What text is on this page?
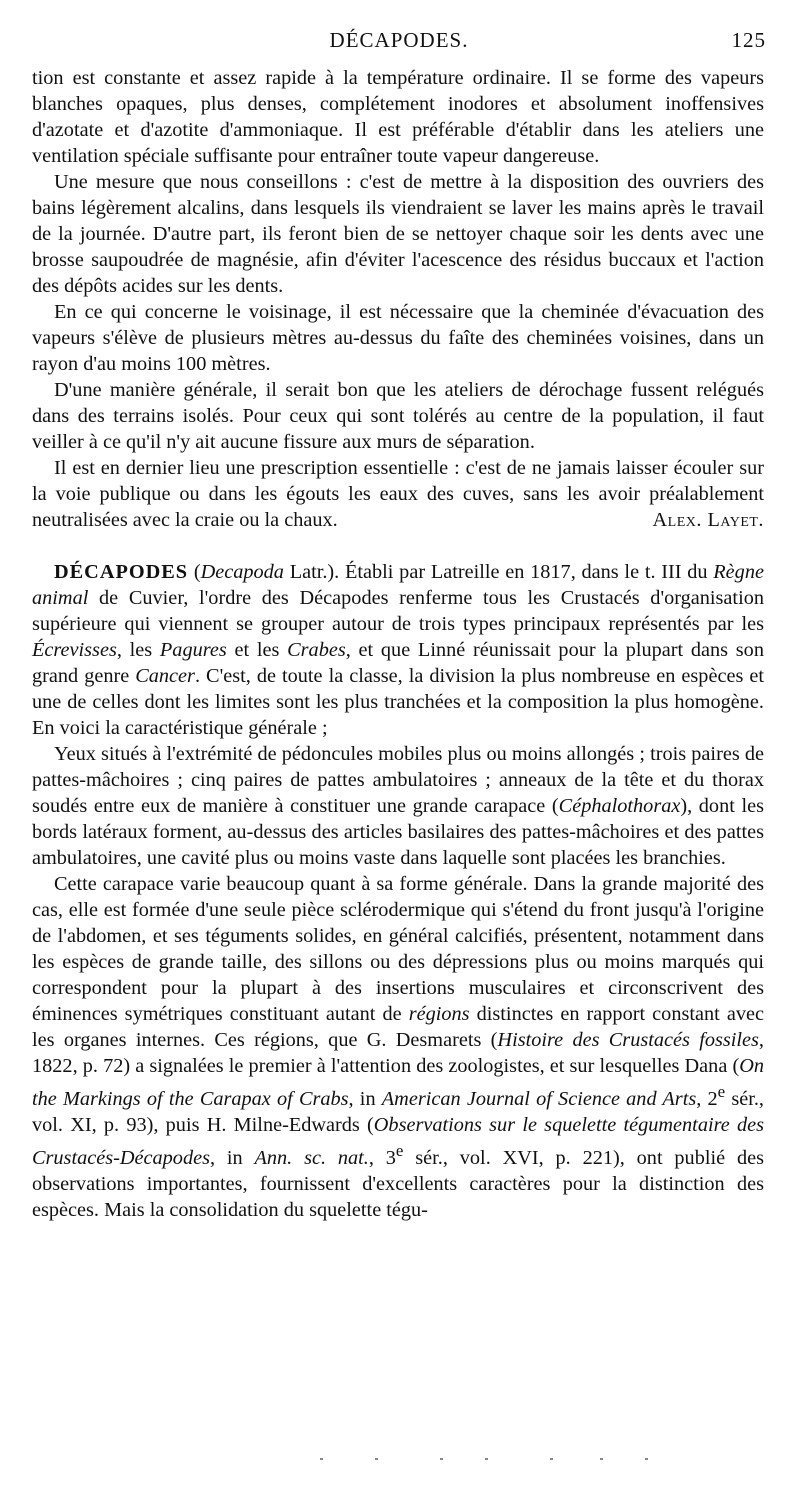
DÉCAPODES.	125

tion est constante et assez rapide à la température ordinaire. Il se forme des vapeurs blanches opaques, plus denses, complétement inodores et absolument inoffensives d'azotate et d'azotite d'ammoniaque. Il est préférable d'établir dans les ateliers une ventilation spéciale suffisante pour entraîner toute vapeur dangereuse.

Une mesure que nous conseillons : c'est de mettre à la disposition des ouvriers des bains légèrement alcalins, dans lesquels ils viendraient se laver les mains après le travail de la journée. D'autre part, ils feront bien de se nettoyer chaque soir les dents avec une brosse saupoudrée de magnésie, afin d'éviter l'acescence des résidus buccaux et l'action des dépôts acides sur les dents.

En ce qui concerne le voisinage, il est nécessaire que la cheminée d'évacuation des vapeurs s'élève de plusieurs mètres au-dessus du faîte des cheminées voisines, dans un rayon d'au moins 100 mètres.

D'une manière générale, il serait bon que les ateliers de dérochage fussent relégués dans des terrains isolés. Pour ceux qui sont tolérés au centre de la population, il faut veiller à ce qu'il n'y ait aucune fissure aux murs de séparation.

Il est en dernier lieu une prescription essentielle : c'est de ne jamais laisser écouler sur la voie publique ou dans les égouts les eaux des cuves, sans les avoir préalablement neutralisées avec la craie ou la chaux.	Alex. Layet.

DÉCAPODES (Decapoda Latr.). Établi par Latreille en 1817, dans le t. III du Règne animal de Cuvier, l'ordre des Décapodes renferme tous les Crustacés d'organisation supérieure qui viennent se grouper autour de trois types principaux représentés par les Écrevisses, les Pagures et les Crabes, et que Linné réunissait pour la plupart dans son grand genre Cancer. C'est, de toute la classe, la division la plus nombreuse en espèces et une de celles dont les limites sont les plus tranchées et la composition la plus homogène. En voici la caractéristique générale ;

Yeux situés à l'extrémité de pédoncules mobiles plus ou moins allongés ; trois paires de pattes-mâchoires ; cinq paires de pattes ambulatoires ; anneaux de la tête et du thorax soudés entre eux de manière à constituer une grande carapace (Céphalothorax), dont les bords latéraux forment, au-dessus des articles basilaires des pattes-mâchoires et des pattes ambulatoires, une cavité plus ou moins vaste dans laquelle sont placées les branchies.

Cette carapace varie beaucoup quant à sa forme générale. Dans la grande majorité des cas, elle est formée d'une seule pièce sclérodermique qui s'étend du front jusqu'à l'origine de l'abdomen, et ses téguments solides, en général calcifiés, présentent, notamment dans les espèces de grande taille, des sillons ou des dépressions plus ou moins marqués qui correspondent pour la plupart à des insertions musculaires et circonscrivent des éminences symétriques constituant autant de régions distinctes en rapport constant avec les organes internes. Ces régions, que G. Desmarets (Histoire des Crustacés fossiles, 1822, p. 72) a signalées le premier à l'attention des zoologistes, et sur lesquelles Dana (On the Markings of the Carapax of Crabs, in American Journal of Science and Arts, 2e sér., vol. XI, p. 93), puis H. Milne-Edwards (Observations sur le squelette tégumentaire des Crustacés-Décapodes, in Ann. sc. nat., 3e sér., vol. XVI, p. 221), ont publié des observations importantes, fournissent d'excellents caractères pour la distinction des espèces. Mais la consolidation du squelette tégu-
